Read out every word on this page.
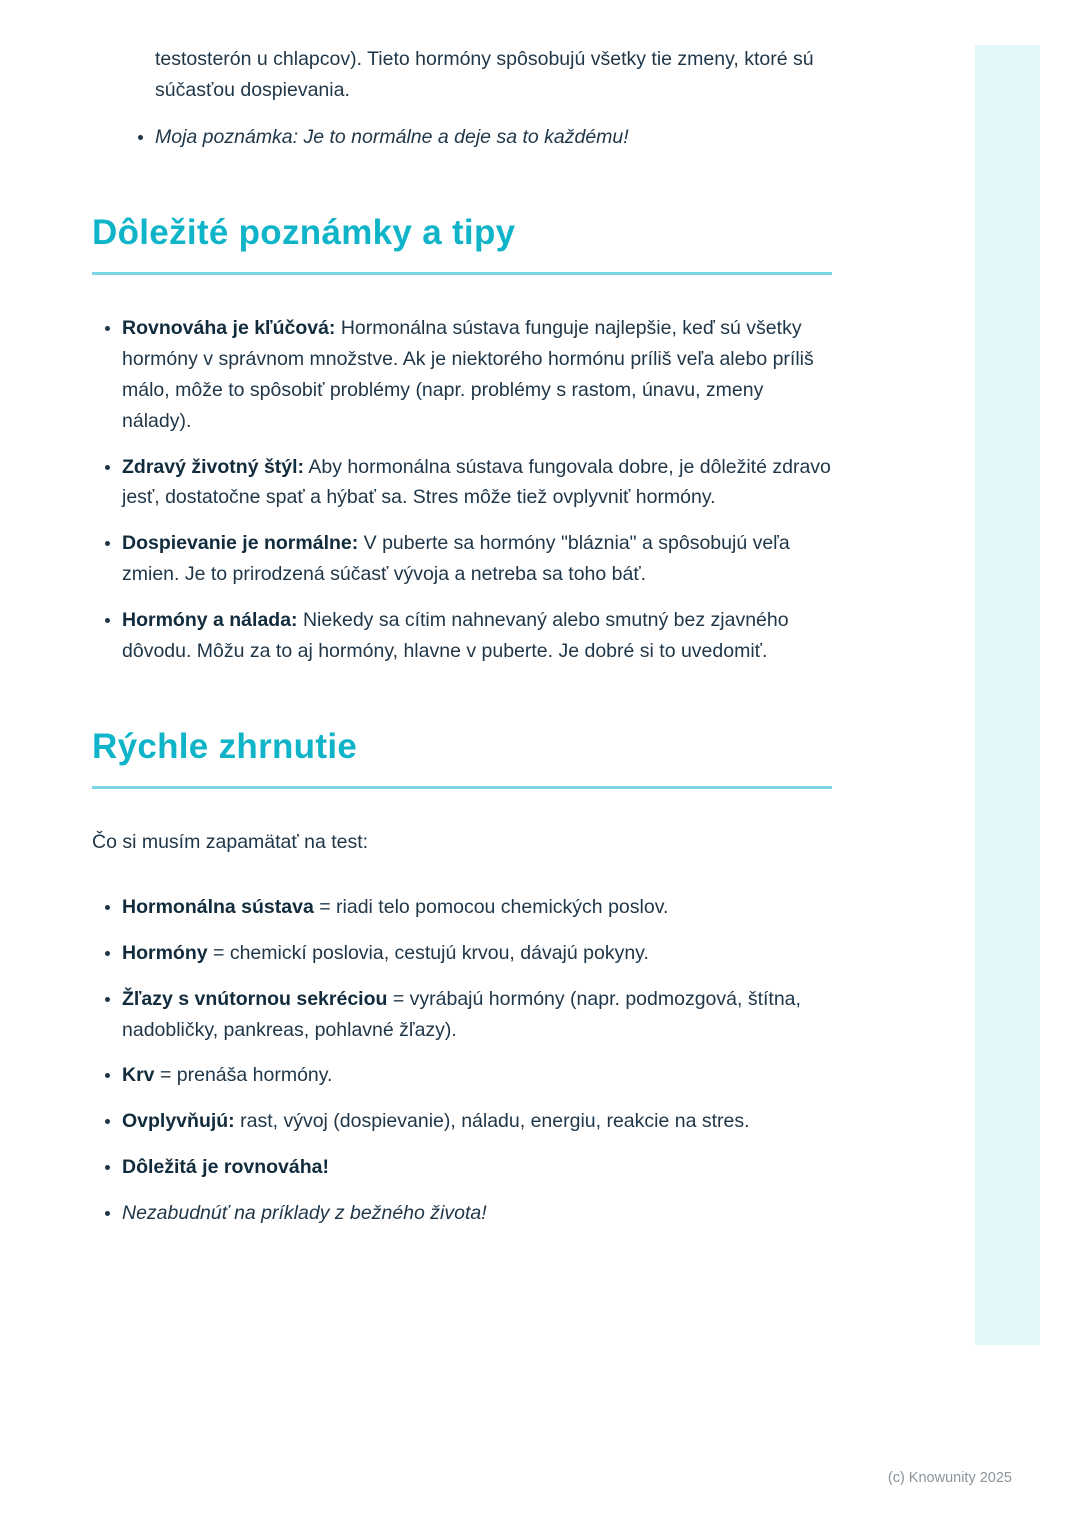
testosterón u chlapcov). Tieto hormóny spôsobujú všetky tie zmeny, ktoré sú súčasťou dospievania.
• Moja poznámka: Je to normálne a deje sa to každému!
Dôležité poznámky a tipy
• Rovnováha je kľúčová: Hormonálna sústava funguje najlepšie, keď sú všetky hormóny v správnom množstve. Ak je niektorého hormónu príliš veľa alebo príliš málo, môže to spôsobiť problémy (napr. problémy s rastom, únavu, zmeny nálady).
• Zdravý životný štýl: Aby hormonálna sústava fungovala dobre, je dôležité zdravo jesť, dostatočne spať a hýbať sa. Stres môže tiež ovplyvniť hormóny.
• Dospievanie je normálne: V puberte sa hormóny "bláznia" a spôsobujú veľa zmien. Je to prirodzená súčasť vývoja a netreba sa toho báť.
• Hormóny a nálada: Niekedy sa cítim nahnevaný alebo smutný bez zjavného dôvodu. Môžu za to aj hormóny, hlavne v puberte. Je dobré si to uvedomiť.
Rýchle zhrnutie

Čo si musím zapamätať na test:

• Hormonálna sústava = riadi telo pomocou chemických poslov.
• Hormóny = chemickí poslovia, cestujú krvou, dávajú pokyny.
• Žľazy s vnútornou sekréciou = vyrábajú hormóny (napr. podmozgová, štítna, nadobličky, pankreas, pohlavné žľazy).
• Krv = prenáša hormóny.
• Ovplyvňujú: rast, vývoj (dospievanie), náladu, energiu, reakcie na stres.
• Dôležitá je rovnováha!
• Nezabudnúť na príklady z bežného života!
(c) Knowunity 2025
